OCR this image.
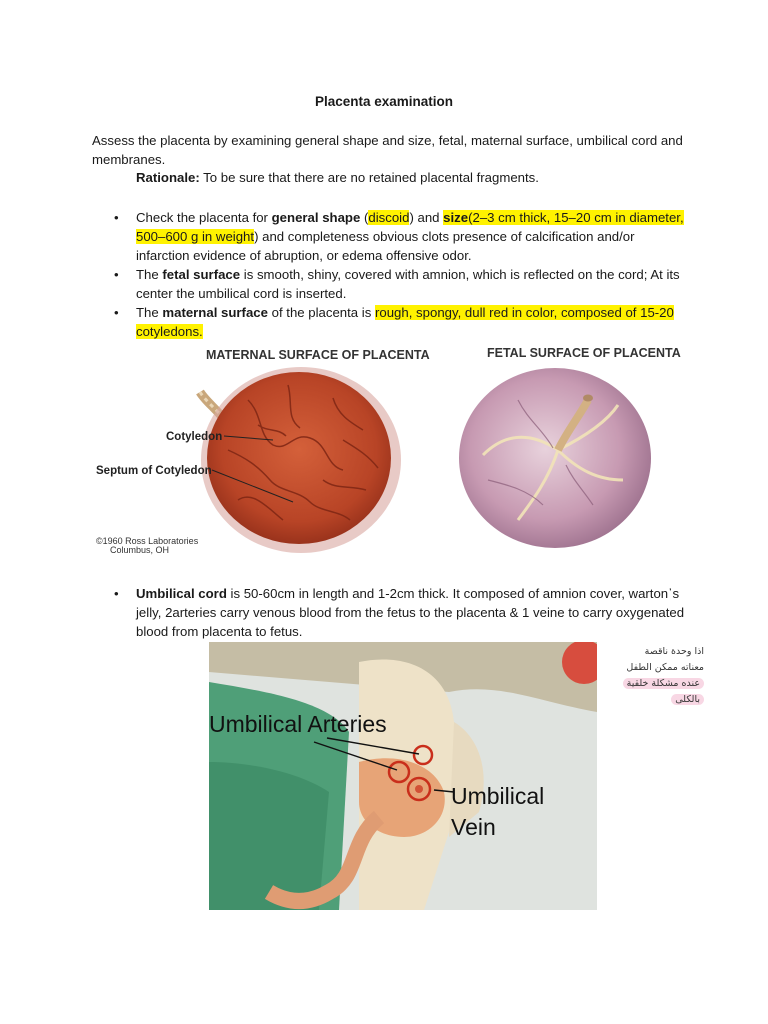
Placenta examination
Assess the placenta by examining general shape and size, fetal, maternal surface, umbilical cord and membranes.
Rationale: To be sure that there are no retained placental fragments.
• Check the placenta for general shape (discoid) and size(2–3 cm thick, 15–20 cm in diameter, 500–600 g in weight) and completeness obvious clots presence of calcification and/or infarction evidence of abruption, or edema offensive odor.
• The fetal surface is smooth, shiny, covered with amnion, which is reflected on the cord; At its center the umbilical cord is inserted.
• The maternal surface of the placenta is rough, spongy, dull red in color, composed of 15-20 cotyledons.
MATERNAL SURFACE OF PLACENTA	FETAL SURFACE OF PLACENTA
Cotyledon
Septum of Cotyledon
©1960 Ross Laboratories
Columbus, OH
• Umbilical cord is 50-60cm in length and 1-2cm thick. It composed of amnion cover, warton᾽s jelly, 2arteries carry venous blood from the fetus to the placenta & 1 veine to carry oxygenated blood from placenta to fetus.
Umbilical Arteries
Umbilical
Vein
اذا وحدة ناقصة
معناته ممكن الطفل
عنده مشكلة خلقية
بالكلى
